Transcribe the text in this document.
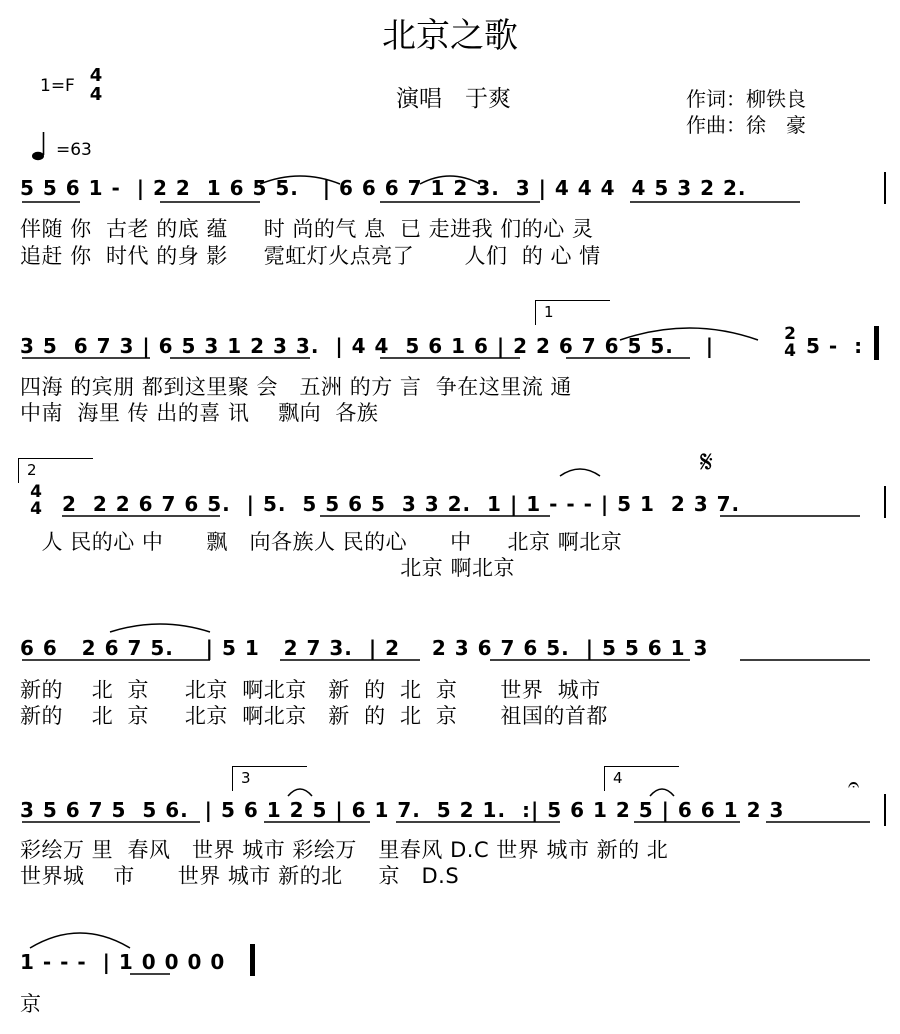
北京之歌
1=F 4
4	演唱　于爽	作词：柳铁良
作曲：徐　豪
=63
5 5 6 1 -  | 2 2  1 6 5 5.   | 6 6 6 7 1 2 3.  3 | 4 4 4  4 5 3 2 2.
伴随 你  古老 的底 蕴     时 尚的气 息  已 走进我 们的心 灵
追赶 你  时代 的身 影     霓虹灯火点亮了       人们  的 心 情
1
3 5  6 7 3 | 6 5 3 1 2 3 3.  | 4 4  5 6 1 6 | 2 2 6 7 6 5 5.    |	2
4 5 -  :
四海 的宾朋 都到这里聚 会   五洲 的方 言  争在这里流 通
中南  海里 传 出的喜 讯    飘向  各族
2
4
4
𝄋
2  2 2 6 7 6 5.  | 5.  5 5 6 5  3 3 2.  1 | 1 - - - | 5 1  2 3 7.
人 民的心 中      飘   向各族人 民的心      中     北京 啊北京
北京 啊北京
6 6   2 6 7 5.    | 5 1   2 7 3.  | 2    2 3 6 7 6 5.  | 5 5 6 1 3
新的    北  京     北京  啊北京   新  的  北  京      世界  城市
新的    北  京     北京  啊北京   新  的  北  京      祖国的首都
3	4	𝄐
3 5 6 7 5  5 6.  | 5 6 1 2 5 | 6 1 7.  5 2 1.  :| 5 6 1 2 5 | 6 6 1 2 3
彩绘万 里  春风   世界 城市 彩绘万   里春风 D.C 世界 城市 新的 北
世界城    市      世界 城市 新的北     京   D.S
1 - - -  | 1 0 0 0 0
京
